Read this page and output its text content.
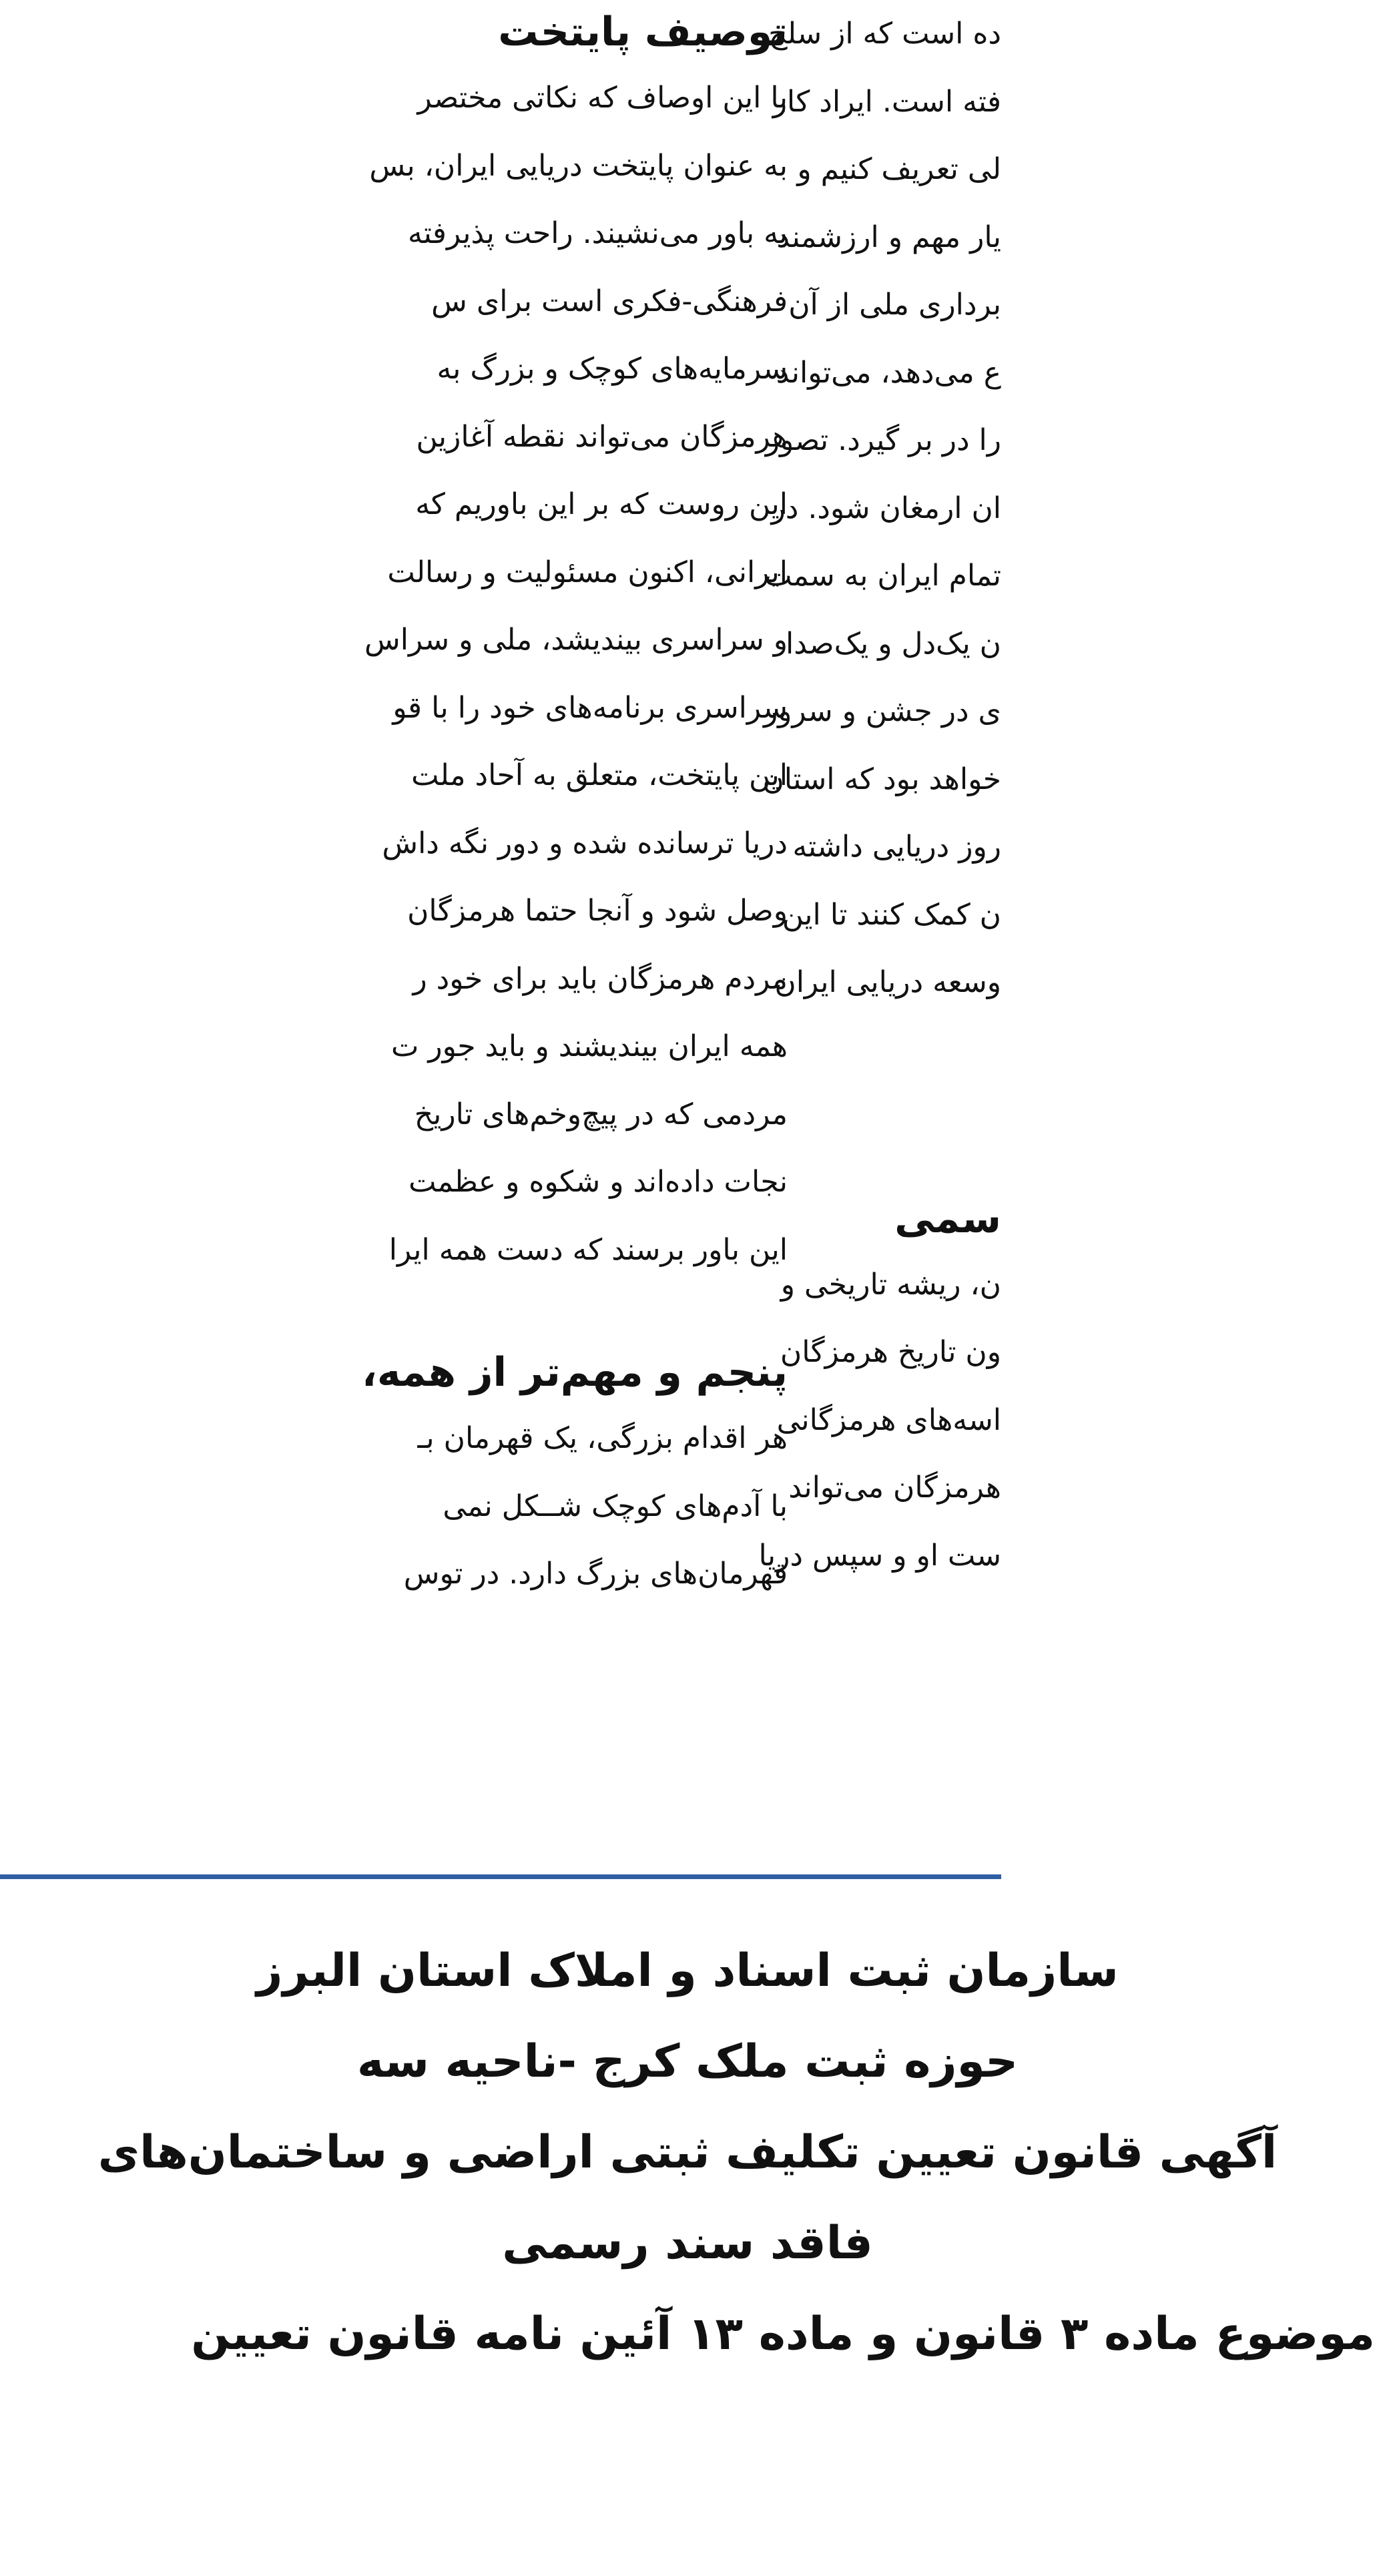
توصیف پایتخت
با این اوصاف که نکاتی مختصر
به عنوان پایتخت دریایی ایران، بس
به باور می‌نشیند. راحت پذیرفته
فرهنگی-فکری است برای س
سرمایه‌های کوچک و بزرگ به
هرمزگان می‌تواند نقطه آغازین
این روست که بر این باوریم که
ایرانی، اکنون مسئولیت و رسالت
و سراسری بیندیشد، ملی و سراس
سراسری برنامه‌های خود را با قو
این پایتخت، متعلق به آحاد ملت
دریا ترسانده شده و دور نگه داش
وصل شود و آنجا حتما هرمزگان
مردم هرمزگان باید برای خود ر
همه ایران بیندیشند و باید جور ت
مردمی که در پیچ‌وخم‌های تاریخ
نجات داده‌اند و شکوه و عظمت
این باور برسند که دست همه ایرا
پنجم و مهم‌تر از همه،
هر اقدام بزرگی، یک قهرمان بـ
با آدم‌های کوچک شــکل نمی‌
قهرمان‌های بزرگ دارد. در توس
ده است که از سلخ
فته است. ایراد کار
لی تعریف کنیم و
یار مهم و ارزشمند
برداری ملی از آن
ع می‌دهد، می‌تواند
را در بر گیرد. تصور
ان ارمغان شود. در
تمام ایران به سمت
ن یک‌دل و یک‌صدا
ی در جشن و سرور
خواهد بود که استان
روز دریایی داشته
ن کمک کنند تا این
وسعه دریایی ایران
سمی
ن، ریشه تاریخی و
ون تاریخ هرمزگان
اسه‌های هرمزگانی
هرمزگان می‌تواند
ست او و سپس دریا
سازمان ثبت اسناد و املاک استان البرز
حوزه ثبت ملک کرج -ناحیه سه
آگهی قانون تعیین تکلیف ثبتی اراضی و ساختمان‌های
فاقد سند رسمی
موضوع ماده ۳ قانون و ماده ۱۳ آئین نامه قانون تعیین
